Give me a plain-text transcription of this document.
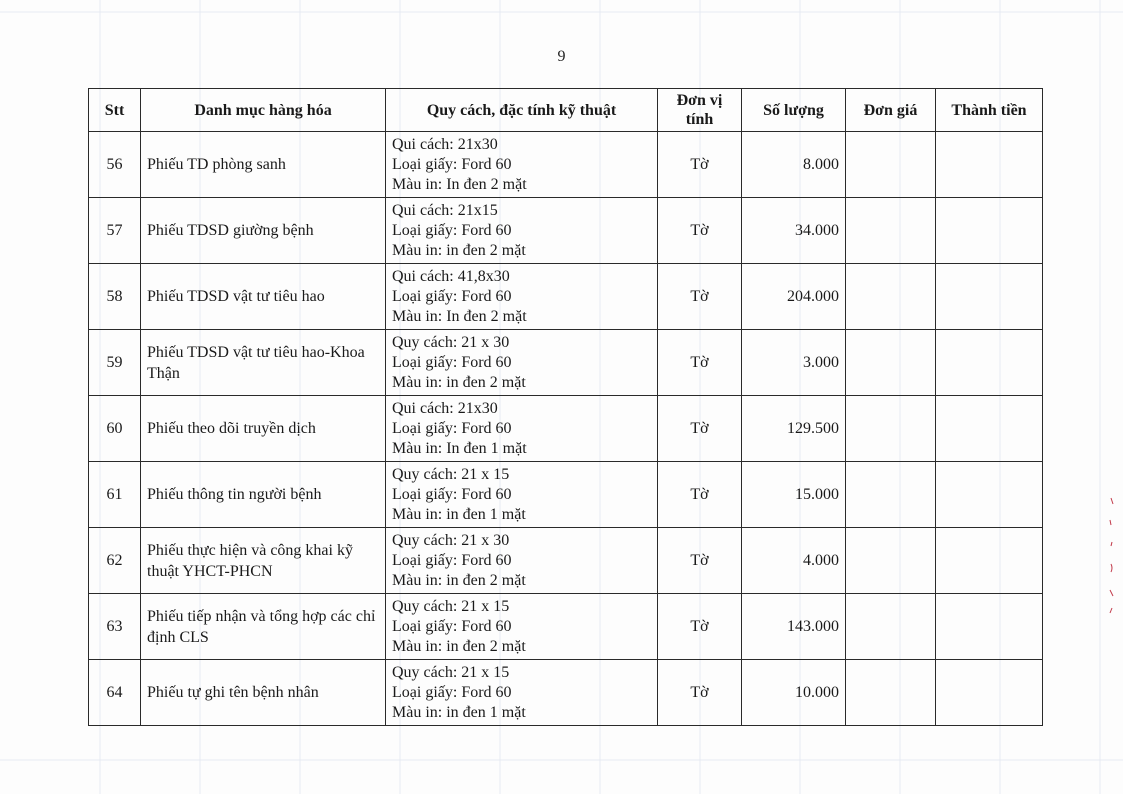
9
Stt	Danh mục hàng hóa	Quy cách, đặc tính kỹ thuật	Đơn vị
tính	Số lượng	Đơn giá	Thành tiền
56	Phiếu TD phòng sanh	Qui cách: 21x30
Loại giấy: Ford 60
Màu in: In đen 2 mặt	Tờ	8.000		
57	Phiếu TDSD giường bệnh	Qui cách: 21x15
Loại giấy: Ford 60
Màu in: in đen 2 mặt	Tờ	34.000		
58	Phiếu TDSD vật tư tiêu hao	Qui cách: 41,8x30
Loại giấy: Ford 60
Màu in: In đen 2 mặt	Tờ	204.000		
59	Phiếu TDSD vật tư tiêu hao-Khoa Thận	Quy cách: 21 x 30
Loại giấy: Ford 60
Màu in: in đen 2 mặt	Tờ	3.000		
60	Phiếu theo dõi truyền dịch	Qui cách: 21x30
Loại giấy: Ford 60
Màu in: In đen 1 mặt	Tờ	129.500		
61	Phiếu thông tin người bệnh	Quy cách: 21 x 15
Loại giấy: Ford 60
Màu in: in đen 1 mặt	Tờ	15.000		
62	Phiếu thực hiện và công khai kỹ thuật YHCT-PHCN	Quy cách: 21 x 30
Loại giấy: Ford 60
Màu in: in đen 2 mặt	Tờ	4.000		
63	Phiếu tiếp nhận và tổng hợp các chỉ định CLS	Quy cách: 21 x 15
Loại giấy: Ford 60
Màu in: in đen 2 mặt	Tờ	143.000		
64	Phiếu tự ghi tên bệnh nhân	Quy cách: 21 x 15
Loại giấy: Ford 60
Màu in: in đen 1 mặt	Tờ	10.000		
